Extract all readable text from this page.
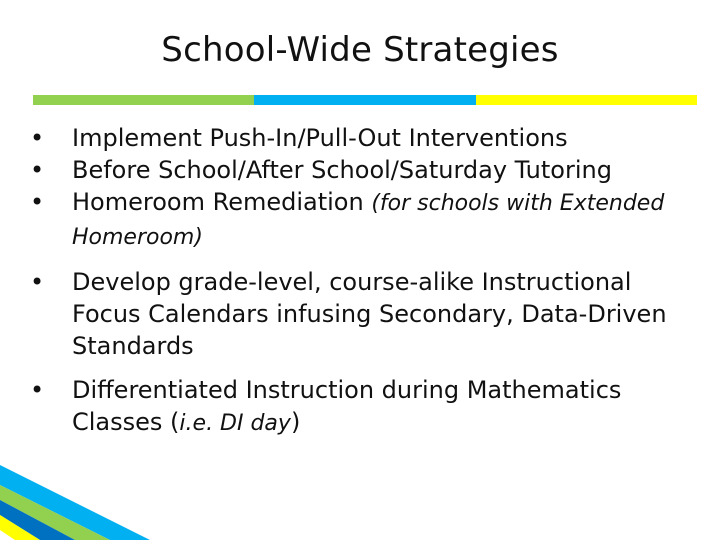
School-Wide Strategies
• Implement Push-In/Pull-Out Interventions
• Before School/After School/Saturday Tutoring
• Homeroom Remediation (for schools with Extended Homeroom)
• Develop grade-level, course-alike Instructional Focus Calendars infusing Secondary, Data-Driven Standards
• Differentiated Instruction during Mathematics Classes (i.e. DI day)
